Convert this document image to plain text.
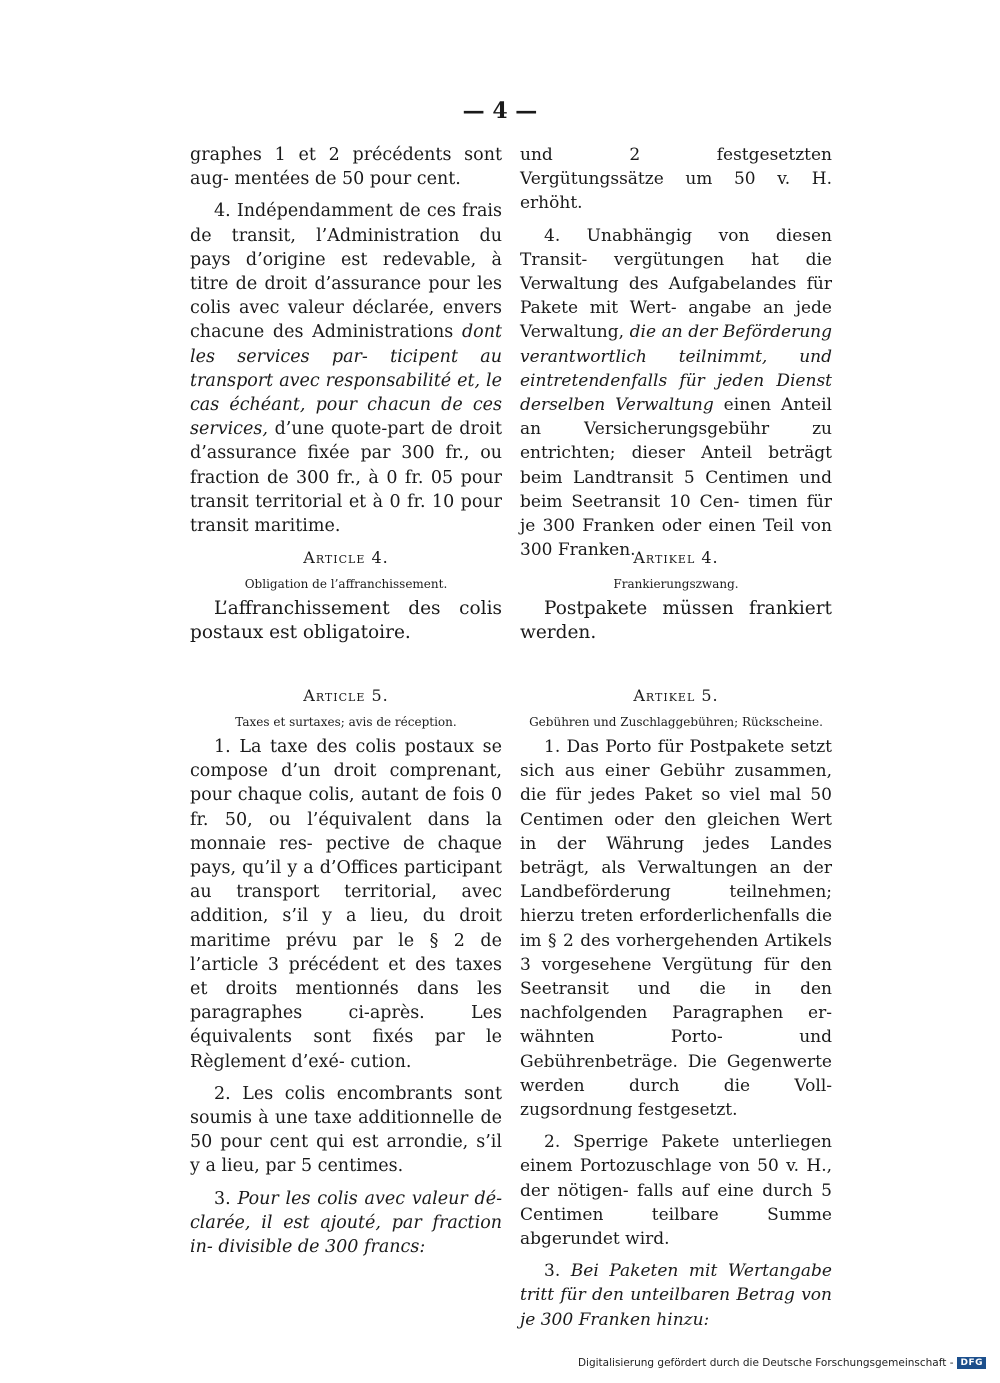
— 4 —

graphes 1 et 2 précédents sont aug- mentées de 50 pour cent.

4. Indépendamment de ces frais de transit, l’Administration du pays d’origine est redevable, à titre de droit d’assurance pour les colis avec valeur déclarée, envers chacune des Administrations dont les services par- ticipent au transport avec responsabilité et, le cas échéant, pour chacun de ces services, d’une quote-part de droit d’assurance fixée par 300 fr., ou fraction de 300 fr., à 0 fr. 05 pour transit territorial et à 0 fr. 10 pour transit maritime.

und 2 festgesetzten Vergütungssätze um 50 v. H. erhöht.

4. Unabhängig von diesen Transit- vergütungen hat die Verwaltung des Aufgabelandes für Pakete mit Wert- angabe an jede Verwaltung, die an der Beförderung verantwortlich teilnimmt, und eintretendenfalls für jeden Dienst derselben Verwaltung einen Anteil an Versicherungsgebühr zu entrichten; dieser Anteil beträgt beim Landtransit 5 Centimen und beim Seetransit 10 Cen- timen für je 300 Franken oder einen Teil von 300 Franken.

Article 4.
Obligation de l’affranchissement.

L’affranchissement des colis postaux est obligatoire.

Artikel 4.
Frankierungszwang.

Postpakete müssen frankiert werden.

Article 5.
Taxes et surtaxes; avis de réception.

1. La taxe des colis postaux se compose d’un droit comprenant, pour chaque colis, autant de fois 0 fr. 50, ou l’équivalent dans la monnaie res- pective de chaque pays, qu’il y a d’Offices participant au transport territorial, avec addition, s’il y a lieu, du droit maritime prévu par le § 2 de l’article 3 précédent et des taxes et droits mentionnés dans les paragraphes ci-après. Les équivalents sont fixés par le Règlement d’exé- cution.

2. Les colis encombrants sont soumis à une taxe additionnelle de 50 pour cent qui est arrondie, s’il y a lieu, par 5 centimes.

3. Pour les colis avec valeur dé- clarée, il est ajouté, par fraction in- divisible de 300 francs:

Artikel 5.
Gebühren und Zuschlaggebühren; Rückscheine.

1. Das Porto für Postpakete setzt sich aus einer Gebühr zusammen, die für jedes Paket so viel mal 50 Centimen oder den gleichen Wert in der Währung jedes Landes beträgt, als Verwaltungen an der Landbeförderung teilnehmen; hierzu treten erforderlichenfalls die im § 2 des vorhergehenden Artikels 3 vorgesehene Vergütung für den Seetransit und die in den nachfolgenden Paragraphen er- wähnten Porto- und Gebührenbeträge. Die Gegenwerte werden durch die Voll- zugsordnung festgesetzt.

2. Sperrige Pakete unterliegen einem Portozuschlage von 50 v. H., der nötigen- falls auf eine durch 5 Centimen teilbare Summe abgerundet wird.

3. Bei Paketen mit Wertangabe tritt für den unteilbaren Betrag von je 300 Franken hinzu:

Digitalisierung gefördert durch die Deutsche Forschungsgemeinschaft - DFG
